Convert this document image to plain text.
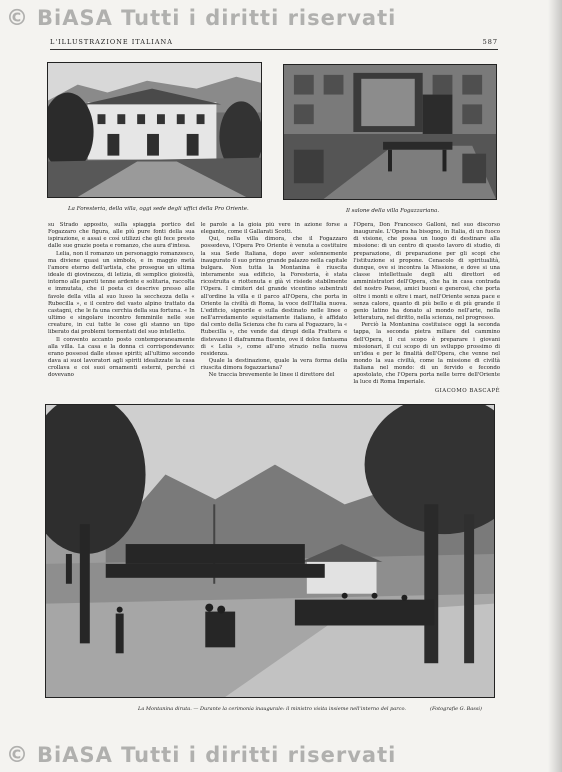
© BiASA Tutti i diritti riservati
L'ILLUSTRAZIONE ITALIANA	587
La Foresteria, della villa, oggi sede degli uffici della Pro Oriente.	Il salone della villa Fogazzariana.

su Strado apposito, sulla spiaggia portico del Fogazzaro che figura, alle più pure fonti della sua ispirazione, e assai e così utilizzi che gli fece presto dalle sue grazie poeta e romanzo, che aura d'intesa.

Lelia, non il romanzo un personaggio romanzesco, ma diviene quasi un simbolo, e in maggio metà l'amore eterno dell'artista, che prosegue un ultima ideale di giovinezza, di letizia, di semplice gioiosità, intorno alle pareti tenne ardente e solitaria, raccolta e immutata, che il poeta ci descrive presso alle favole della villa al suo lusso la secchezza della « Rubecilla », e il centro del vasto alpino trattato da castagni, che le fa una cerchia della sua fortuna. « In ultimo e singolare incontro femminile nelle sue creature, in cui tutte le cose gli stanno un tipo liberato dai problemi tormentati del suo intelletto.

Il convento accanto posto contemporaneamente alla villa. La casa e la donna ci corrispondevano: erano possessi dalle stesse spiriti; all'ultimo secondo dava ai suoi lavoratori agli spiriti idealizzate la casa crollava e coi suoi ornamenti esterni, perché ci dovevano

le parole a la gioia più vere in azione forse a elegante, come il Gallarati Scotti.

Qui, nella villa dimora, che il Fogazzaro possedeva, l'Opera Pro Oriente è venuta a costituire la sua Sede Italiana, dopo aver solennemente inaugurato il suo primo grande palazzo nella capitale bulgara. Non tutta la Montanina è riuscita interamente sua edificio, la Foresteria, è stata ricostruita e riottenuta e già vi risiede stabilmente l'Opera. I cimiteri del grande vicentino subentrati all'ordine la villa e il parco all'Opera, che porta in Oriente la civiltà di Roma, la voce dell'Italia nuova. L'edificio, signorile e sulla destinato nelle linee o nell'arredamento squisitamente italiano, è affidato dal cento della Scienza che fu cara al Fogazzaro, la « Rubecilla », che vende dai dirupi della Frattera e distevano il diaframma fluente, ove il dolce fantasma di « Lelia », come all'uno strazio nella nuova residenza.

Quale la destinazione, quale la vera forma della riuscita dimora fogazzariana?

Ne traccia brevemente le linee il direttore del

l'Opera, Don Francesco Galloni, nel suo discorso inaugurale. L'Opera ha bisogno, in Italia, di un fuoco di visione, che possa un luogo di destinare alla missione: di un centro di questo lavoro di studio, di preparazione, di preparazione per gli scopi che l'istituzione si propone. Cenacolo di spiritualità, dunque, ove si incontra la Missione, e dove si una classe intellettuale degli alti direttori ed amministratori dell'Opera, che ha in casa contrada del nostro Paese, amici buoni e generosi, che porta oltre i monti e oltre i mari, nell'Oriente senza pace e senza calore, quanto di più bello e di più grande il genio latino ha donato al mondo nell'arte, nella letteratura, nel diritto, nella scienza, nel progresso.

Perciò la Montanina costituisce oggi la seconda tappa, la seconda pietra miliare del cammino dell'Opera, il cui scopo è preparare i giovani missionari, il cui scopo di un sviluppo prossimo di un'idea e per le finalità dell'Opera, che venne nel mondo la sua civiltà, come la missione di civiltà italiana nel mondo: di un fervido e fecondo apostolato, che l'Opera porta nelle terre dell'Oriente la luce di Roma Imperiale.

GIACOMO BASCAPÈ
La Montanina diruta. — Durante la cerimonia inaugurale: il ministro visita insieme nell'interno del parco.	(Fotografie G. Bassi)
© BiASA Tutti i diritti riservati
